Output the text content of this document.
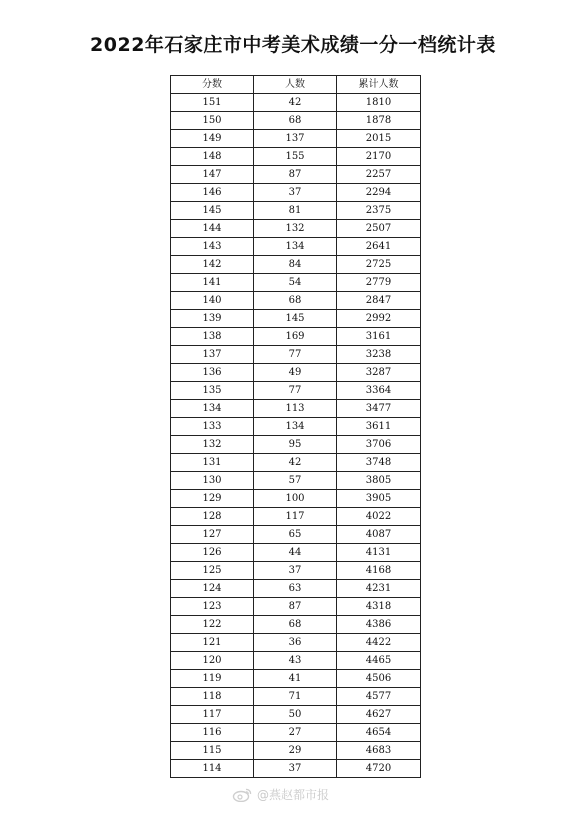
2022年石家庄市中考美术成绩一分一档统计表
分数	人数	累计人数
151	42	1810
150	68	1878
149	137	2015
148	155	2170
147	87	2257
146	37	2294
145	81	2375
144	132	2507
143	134	2641
142	84	2725
141	54	2779
140	68	2847
139	145	2992
138	169	3161
137	77	3238
136	49	3287
135	77	3364
134	113	3477
133	134	3611
132	95	3706
131	42	3748
130	57	3805
129	100	3905
128	117	4022
127	65	4087
126	44	4131
125	37	4168
124	63	4231
123	87	4318
122	68	4386
121	36	4422
120	43	4465
119	41	4506
118	71	4577
117	50	4627
116	27	4654
115	29	4683
114	37	4720
@燕赵都市报
